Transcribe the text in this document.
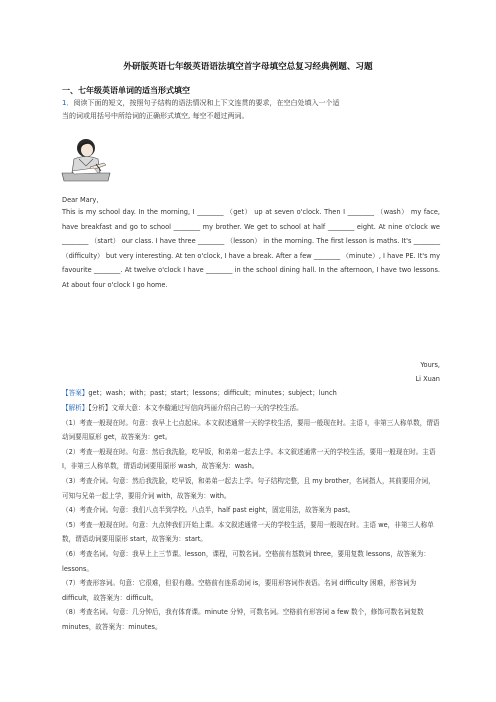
外研版英语七年级英语语法填空首字母填空总复习经典例题、习题
一、七年级英语单词的适当形式填空
1．阅读下面的短文，按照句子结构的语法情况和上下文连贯的要求，在空白处填入一个适
当的词或用括号中所给词的正确形式填空, 每空不超过两词。
Dear Mary,
This is my school day. In the morning, I ________ （get） up at seven o'clock. Then I ________ （wash） my face, have breakfast and go to school ________ my brother. We get to school at half ________ eight. At nine o'clock we ________ （start） our class. I have three ________ （lesson） in the morning. The first lesson is maths. It's ________ （difficulty） but very interesting. At ten o'clock, I have a break. After a few ________ （minute）, I have PE. It's my favourite ________. At twelve o'clock I have ________ in the school dining hall. In the afternoon, I have two lessons. At about four o'clock I go home.
Yours,
Li Xuan
【答案】get；wash；with；past；start；lessons；difficult；minutes；subject；lunch
【解析】【分析】文章大意：本文李璇通过写信向玛丽介绍自己的一天的学校生活。
（1）考查一般现在时。句意：我早上七点起床。本文叙述通常一天的学校生活，要用一般现在时。主语 I，非第三人称单数，谓语动词要用原形 get，故答案为：get。
（2）考查一般现在时。句意：然后我洗脸，吃早饭，和弟弟一起去上学。本文叙述通常一天的学校生活，要用一般现在时。主语 I，非第三人称单数，谓语动词要用原形 wash，故答案为：wash。
（3）考查介词。句意：然后我洗脸，吃早饭，和弟弟一起去上学。句子结构完整，且 my brother，名词指人，其前要用介词，可知与兄弟一起上学，要用介词 with，故答案为：with。
（4）考查介词。句意：我们八点半到学校。八点半，half past eight，固定用法，故答案为 past。
（5）考查一般现在时。句意：九点钟我们开始上课。本文叙述通常一天的学校生活，要用一般现在时。主语 we，非第三人称单数，谓语动词要用原形 start，故答案为：start。
（6）考查名词。句意：我早上上三节课。lesson，课程，可数名词。空格前有基数词 three，要用复数 lessons，故答案为：lessons。
（7）考查形容词。句意：它很难，但很有趣。空格前有连系动词 is，要用形容词作表语。名词 difficulty 困难，形容词为 difficult，故答案为：difficult。
（8）考查名词。句意：几分钟后，我有体育课。minute 分钟，可数名词。空格前有形容词 a few 数个，修饰可数名词复数 minutes，故答案为：minutes。
